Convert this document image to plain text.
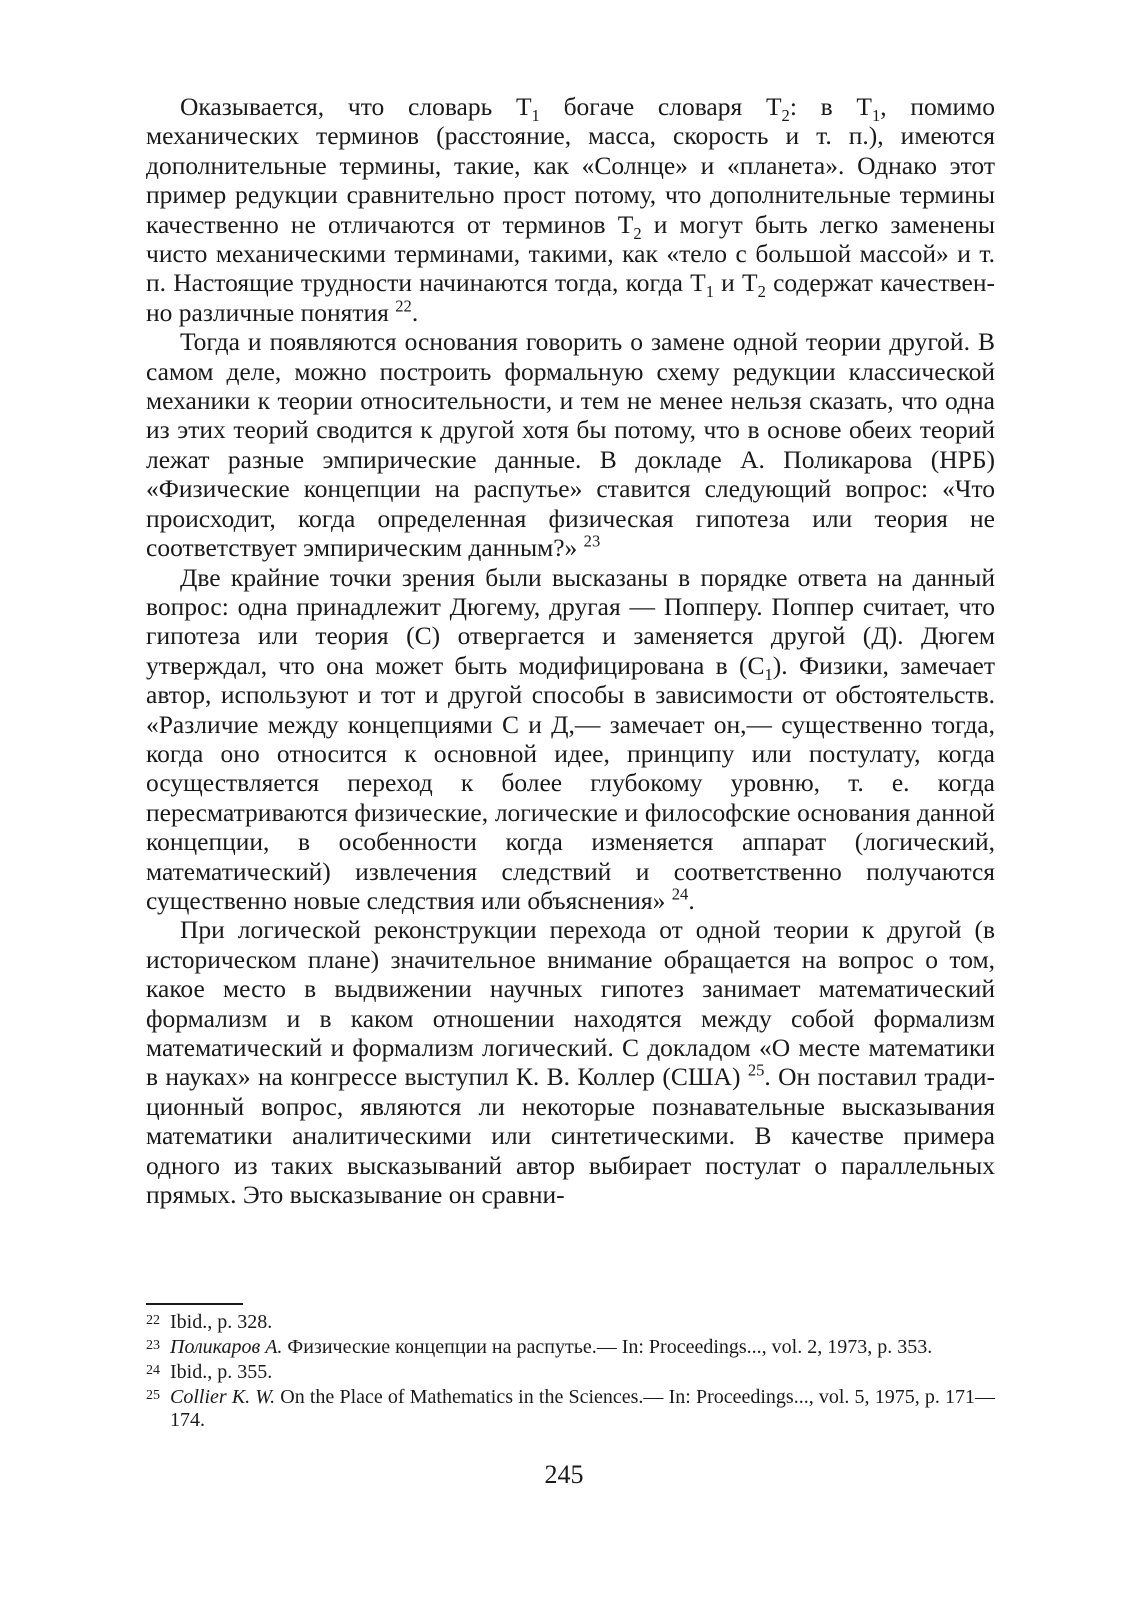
Оказывается, что словарь $Т_1$ богаче словаря $Т_2$: в $Т_1$, помимо механических терминов (расстояние, масса, скорость и т. п.), имеются дополнительные термины, такие, как «Солнце» и «планета». Однако этот пример редукции сравнительно прост потому, что дополнительные термины качественно не отличаются от терминов $Т_2$ и могут быть легко заменены чисто механическими терминами, такими, как «тело с большой массой» и т. п. Настоящие трудности начинаются тогда, когда $Т_1$ и $Т_2$ содержат качественно различные понятия $^{22}$.

Тогда и появляются основания говорить о замене одной теории другой. В самом деле, можно построить формальную схему редукции классической механики к теории относительности, и тем не менее нельзя сказать, что одна из этих теорий сводится к другой хотя бы потому, что в основе обеих теорий лежат разные эмпирические данные. В докладе А. Поликарова (НРБ) «Физические концепции на распутье» ставится следующий вопрос: «Что происходит, когда определенная физическая гипотеза или теория не соответствует эмпирическим данным?» $^{23}$

Две крайние точки зрения были высказаны в порядке ответа на данный вопрос: одна принадлежит Дюгему, другая — Попперу. Поппер считает, что гипотеза или теория (С) отвергается и заменяется другой (Д). Дюгем утверждал, что она может быть модифицирована в $(С_1)$. Физики, замечает автор, используют и тот и другой способы в зависимости от обстоятельств. «Различие между концепциями С и Д,— замечает он,— существенно тогда, когда оно относится к основной идее, принципу или постулату, когда осуществляется переход к более глубокому уровню, т. е. когда пересматриваются физические, логические и философские основания данной концепции, в особенности когда изменяется аппарат (логический, математический) извлечения следствий и соответственно получаются существенно новые следствия или объяснения» $^{24}$.

При логической реконструкции перехода от одной теории к другой (в историческом плане) значительное внимание обращается на вопрос о том, какое место в выдвижении научных гипотез занимает математический формализм и в каком отношении находятся между собой формализм математический и формализм логический. С докладом «О месте математики в науках» на конгрессе выступил К. В. Коллер (США) $^{25}$. Он поставил традиционный вопрос, являются ли некоторые познавательные высказывания математики аналитическими или синтетическими. В качестве примера одного из таких высказываний автор выбирает постулат о параллельных прямых. Это высказывание он сравни-

22 Ibid., p. 328.

23 Поликаров А. Физические концепции на распутье.— In: Proceedings..., vol. 2, 1973, p. 353.

24 Ibid., p. 355.

25 Collier K. W. On the Place of Mathematics in the Sciences.— In: Proceedings..., vol. 5, 1975, p. 171—174.

245
